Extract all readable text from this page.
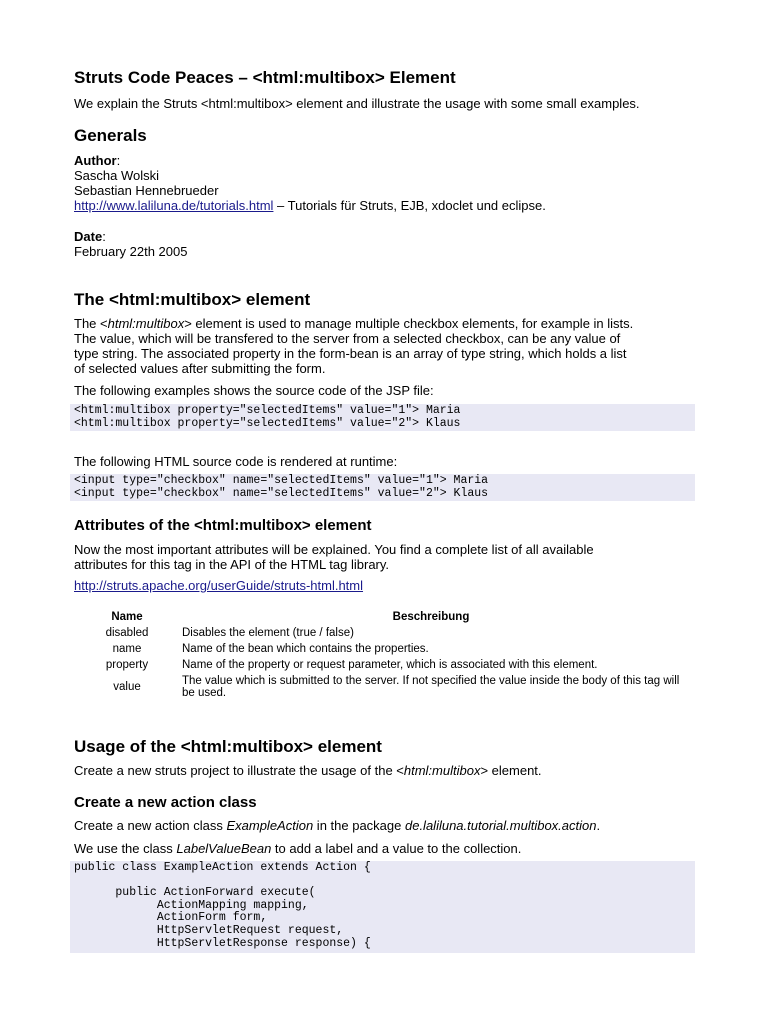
Struts Code Peaces – <html:multibox> Element
We explain the Struts <html:multibox> element and illustrate the usage with some small examples.
Generals
Author:
Sascha Wolski
Sebastian Hennebrueder
http://www.laliluna.de/tutorials.html – Tutorials für Struts, EJB, xdoclet und eclipse.
Date:
February 22th 2005
The <html:multibox> element
The <html:multibox> element is used to manage multiple checkbox elements, for example in lists.
The value, which will be transfered to the server from a selected checkbox, can be any value of
type string. The associated property in the form-bean is an array of type string, which holds a list
of selected values after submitting the form.
The following examples shows the source code of the JSP file:
<html:multibox property="selectedItems" value="1"> Maria
<html:multibox property="selectedItems" value="2"> Klaus
The following HTML source code is rendered at runtime:
<input type="checkbox" name="selectedItems" value="1"> Maria
<input type="checkbox" name="selectedItems" value="2"> Klaus
Attributes of the <html:multibox> element
Now the most important attributes will be explained. You find a complete list of all available
attributes for this tag in the API of the HTML tag library.
http://struts.apache.org/userGuide/struts-html.html
Name	Beschreibung
disabled	Disables the element (true / false)
name	Name of the bean which contains the properties.
property	Name of the property or request parameter, which is associated with this element.
value	The value which is submitted to the server. If not specified the value inside the body of this tag will be used.
Usage of the <html:multibox> element
Create a new struts project to illustrate the usage of the <html:multibox> element.
Create a new action class
Create a new action class ExampleAction in the package de.laliluna.tutorial.multibox.action.
We use the class LabelValueBean to add a label and a value to the collection.
public class ExampleAction extends Action {
public ActionForward execute(
ActionMapping mapping,
ActionForm form,
HttpServletRequest request,
HttpServletResponse response) {
